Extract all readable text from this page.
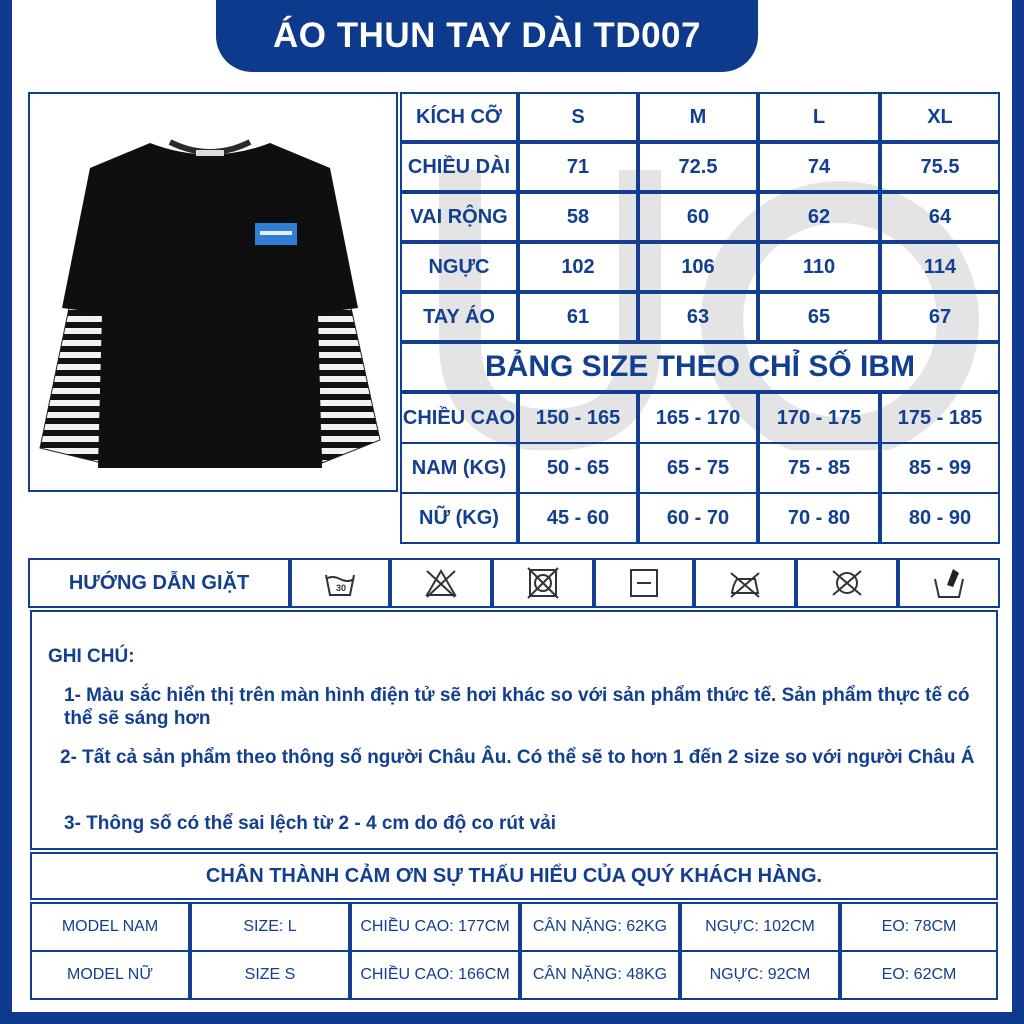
ÁO THUN TAY DÀI TD007
KÍCH CỠ	S	M	L	XL
CHIỀU DÀI	71	72.5	74	75.5
VAI RỘNG	58	60	62	64
NGỰC	102	106	110	114
TAY ÁO	61	63	65	67
BẢNG SIZE THEO CHỈ SỐ IBM
CHIỀU CAO	150 - 165	165 - 170	170 - 175	175 - 185
NAM (KG)	50 - 65	65 - 75	75 - 85	85 - 99
NỮ (KG)	45 - 60	60 - 70	70 - 80	80 - 90
HƯỚNG DẪN GIẶT	30
GHI CHÚ:
1- Màu sắc hiển thị trên màn hình điện tử sẽ hơi khác so với sản phẩm thức tế. Sản phẩm thực tế có thể sẽ sáng hơn
2- Tất cả sản phẩm theo thông số người Châu Âu. Có thể sẽ to hơn 1 đến 2 size so với người Châu Á
3- Thông số có thể sai lệch từ 2 - 4 cm do độ co rút vải
CHÂN THÀNH CẢM ƠN SỰ THẤU HIỂU CỦA QUÝ KHÁCH HÀNG.
MODEL NAM	SIZE: L	CHIỀU CAO: 177CM	CÂN NẶNG: 62KG	NGỰC: 102CM	EO: 78CM
MODEL NỮ	SIZE S	CHIỀU CAO: 166CM	CÂN NẶNG: 48KG	NGỰC: 92CM	EO: 62CM
